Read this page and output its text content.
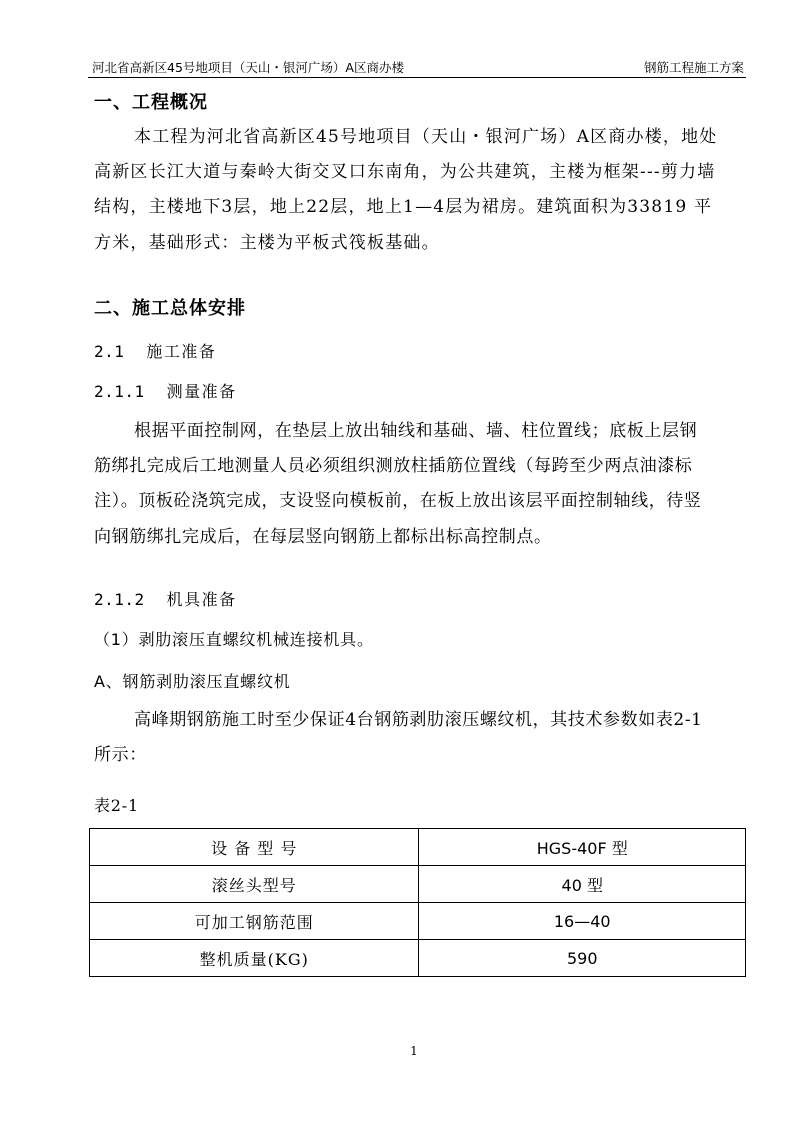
河北省高新区45号地项目（天山・银河广场）A区商办楼	钢筋工程施工方案
一、工程概况
本工程为河北省高新区45号地项目（天山・银河广场）A区商办楼，地处
高新区长江大道与秦岭大街交叉口东南角，为公共建筑，主楼为框架---剪力墙
结构，主楼地下3层，地上22层，地上1—4层为裙房。建筑面积为33819 平
方米，基础形式：主楼为平板式筏板基础。
二、施工总体安排
2.1 施工准备
2.1.1 测量准备
根据平面控制网，在垫层上放出轴线和基础、墙、柱位置线；底板上层钢
筋绑扎完成后工地测量人员必须组织测放柱插筋位置线（每跨至少两点油漆标
注）。顶板砼浇筑完成，支设竖向模板前，在板上放出该层平面控制轴线，待竖
向钢筋绑扎完成后，在每层竖向钢筋上都标出标高控制点。
2.1.2 机具准备
（1）剥肋滚压直螺纹机械连接机具。
A、钢筋剥肋滚压直螺纹机
高峰期钢筋施工时至少保证4台钢筋剥肋滚压螺纹机，其技术参数如表2-1
所示：
表2-1
设 备 型 号	HGS-40F 型
滚丝头型号	40 型
可加工钢筋范围	16—40
整机质量(KG)	590
1
